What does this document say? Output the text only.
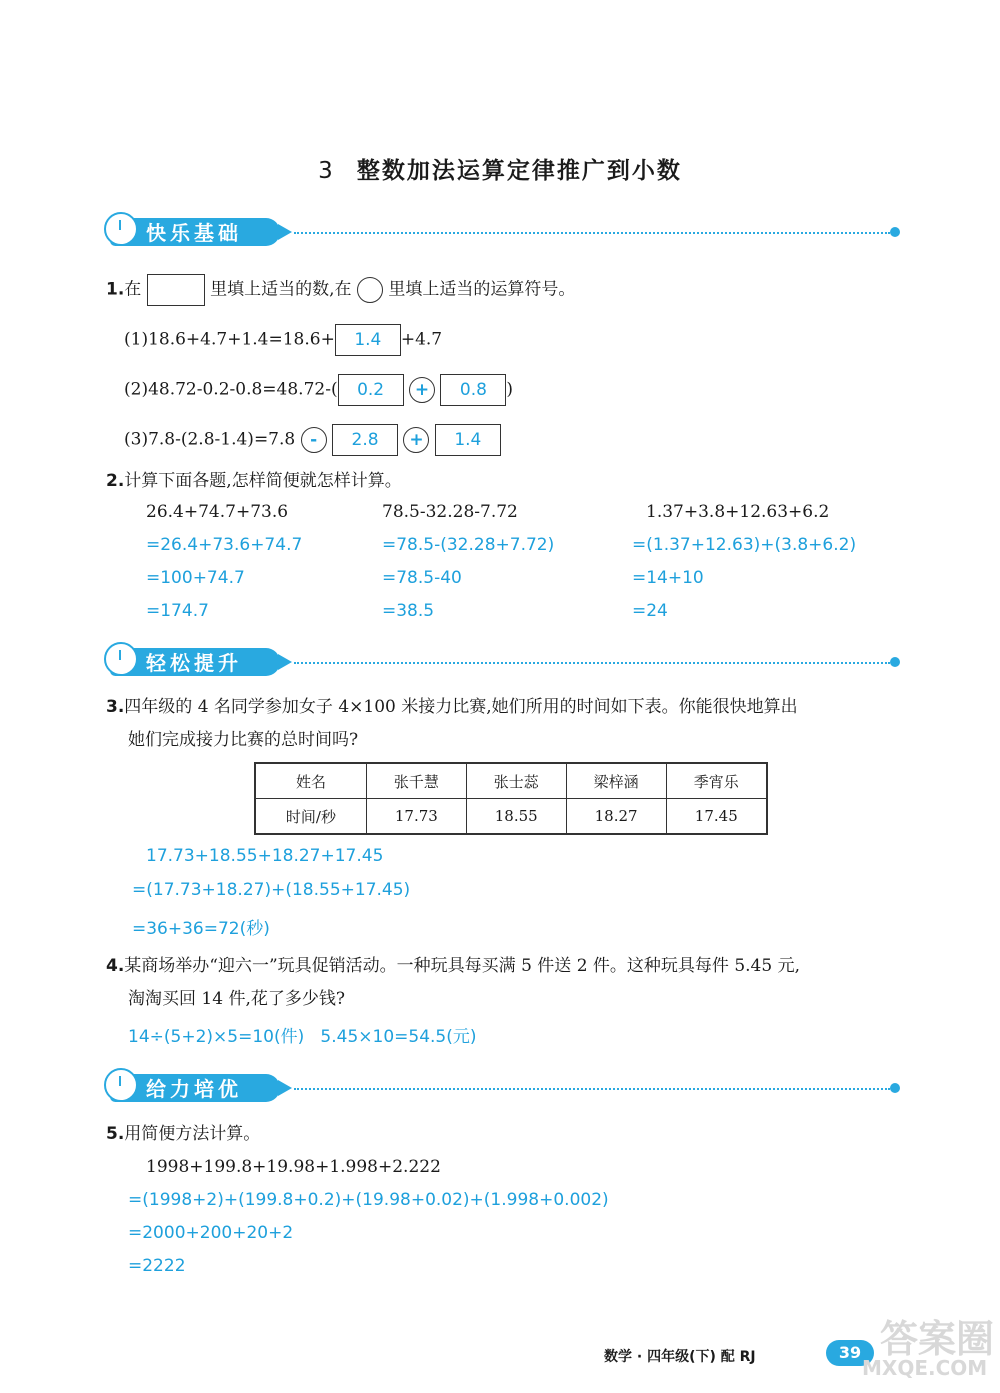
3 整数加法运算定律推广到小数
快乐基础
1.在	里填上适当的数,在 里填上适当的运算符号。
(1)18.6+4.7+1.4=18.6+ 1.4 +4.7
(2)48.72-0.2-0.8=48.72-( 0.2 + 0.8 )
(3)7.8-(2.8-1.4)=7.8 - 2.8 + 1.4
2.计算下面各题,怎样简便就怎样计算。
26.4+74.7+73.6
=26.4+73.6+74.7
=100+74.7
=174.7
78.5-32.28-7.72
=78.5-(32.28+7.72)
=78.5-40
=38.5
1.37+3.8+12.63+6.2
=(1.37+12.63)+(3.8+6.2)
=14+10
=24
轻松提升
3.四年级的 4 名同学参加女子 4×100 米接力比赛,她们所用的时间如下表。你能很快地算出
她们完成接力比赛的总时间吗?
姓名	张千慧	张士蕊	梁梓涵	季宵乐
时间/秒	17.73	18.55	18.27	17.45
17.73+18.55+18.27+17.45
=(17.73+18.27)+(18.55+17.45)
=36+36=72(秒)
4.某商场举办“迎六一”玩具促销活动。一种玩具每买满 5 件送 2 件。这种玩具每件 5.45 元,
淘淘买回 14 件,花了多少钱?
14÷(5+2)×5=10(件)   5.45×10=54.5(元)
给力培优
5.用简便方法计算。
1998+199.8+19.98+1.998+2.222
=(1998+2)+(199.8+0.2)+(19.98+0.02)+(1.998+0.002)
=2000+200+20+2
=2222
数学 · 四年级(下) 配 RJ	39 答案圈
MXQE.COM
